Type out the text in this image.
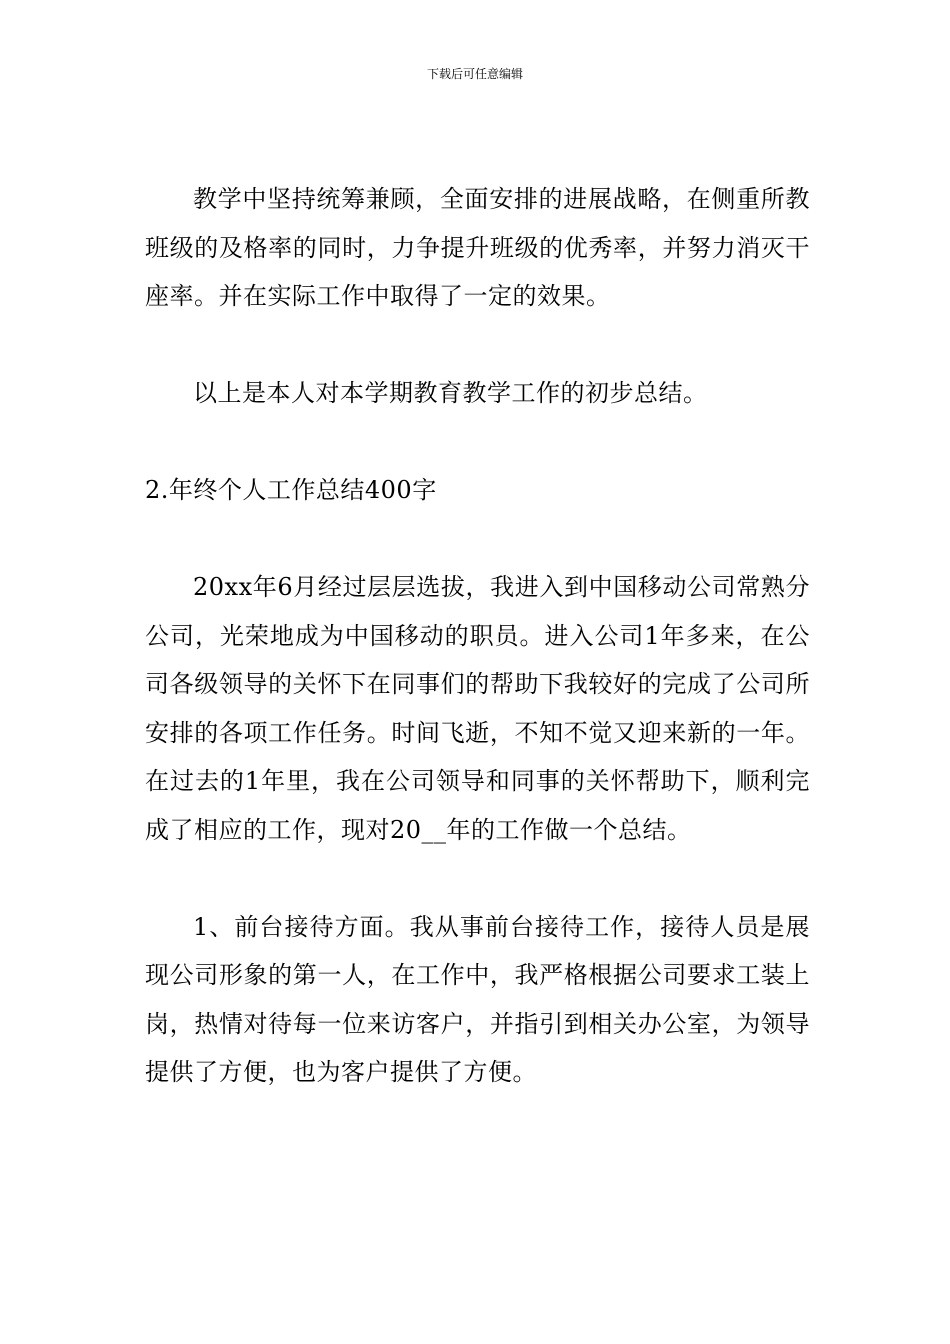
下载后可任意编辑

教学中坚持统筹兼顾，全面安排的进展战略，在侧重所教班级的及格率的同时，力争提升班级的优秀率，并努力消灭干座率。并在实际工作中取得了一定的效果。

以上是本人对本学期教育教学工作的初步总结。

2.年终个人工作总结400字

20xx年6月经过层层选拔，我进入到中国移动公司常熟分公司，光荣地成为中国移动的职员。进入公司1年多来，在公司各级领导的关怀下在同事们的帮助下我较好的完成了公司所安排的各项工作任务。时间飞逝，不知不觉又迎来新的一年。在过去的1年里，我在公司领导和同事的关怀帮助下，顺利完成了相应的工作，现对20__年的工作做一个总结。

1、前台接待方面。我从事前台接待工作，接待人员是展现公司形象的第一人，在工作中，我严格根据公司要求工装上岗，热情对待每一位来访客户，并指引到相关办公室，为领导提供了方便，也为客户提供了方便。
